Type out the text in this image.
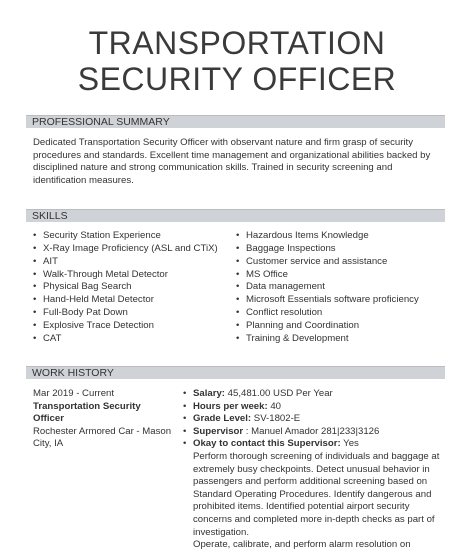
TRANSPORTATION
SECURITY OFFICER
PROFESSIONAL SUMMARY
Dedicated Transportation Security Officer with observant nature and firm grasp of security procedures and standards. Excellent time management and organizational abilities backed by disciplined nature and strong communication skills. Trained in security screening and identification measures.
SKILLS
• Security Station Experience
• X-Ray Image Proficiency (ASL and CTiX)
• AIT
• Walk-Through Metal Detector
• Physical Bag Search
• Hand-Held Metal Detector
• Full-Body Pat Down
• Explosive Trace Detection
• CAT
• Hazardous Items Knowledge
• Baggage Inspections
• Customer service and assistance
• MS Office
• Data management
• Microsoft Essentials software proficiency
• Conflict resolution
• Planning and Coordination
• Training & Development
WORK HISTORY
Mar 2019 - Current
Transportation Security Officer
Rochester Armored Car - Mason City, IA
• Salary: 45,481.00 USD Per Year
• Hours per week: 40
• Grade Level: SV-1802-E
• Supervisor : Manuel Amador 281|233|3126
• Okay to contact this Supervisor: Yes
Perform thorough screening of individuals and baggage at extremely busy checkpoints. Detect unusual behavior in passengers and perform additional screening based on Standard Operating Procedures. Identify dangerous and prohibited items. Identified potential airport security concerns and completed more in-depth checks as part of investigation.
Operate, calibrate, and perform alarm resolution on
